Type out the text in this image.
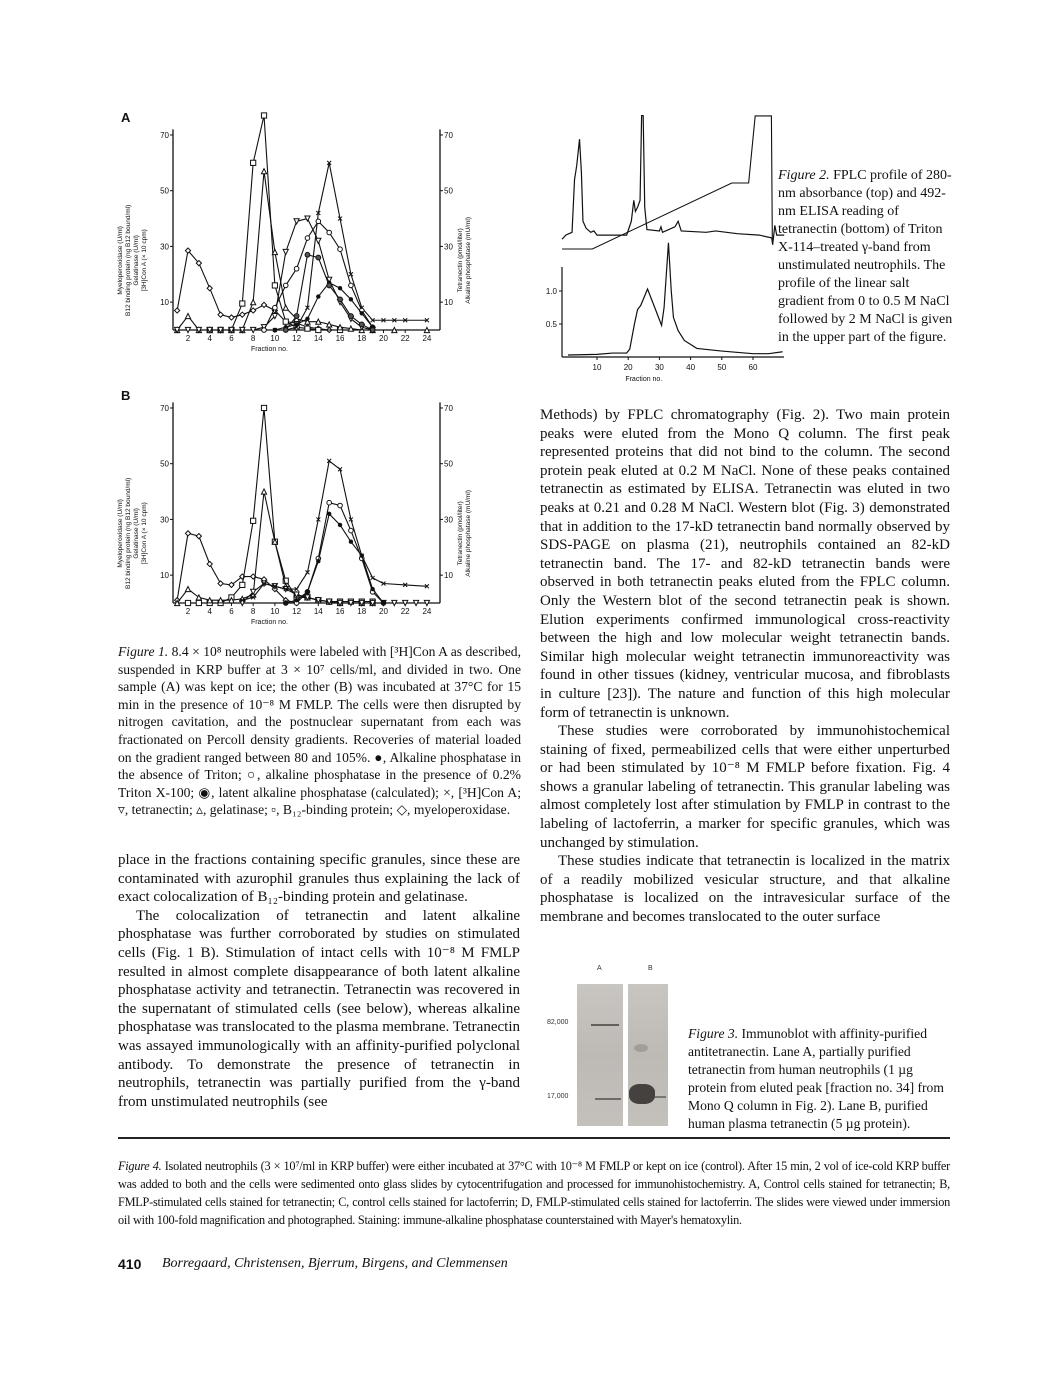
A
10	10
30	30
50	50
70	70
2 4 6 8 10 12 14 16 18 20 22 24
Fraction no.
Myeloperoxidase (U/ml) B12 binding protein (ng B12 bound/ml) Gelatinase (U/ml) [3H]Con A (× 10 cpm)	Tetranectin (pmol/liter) Alkaline phosphatase (mU/ml)
B
10	10
30	30
50	50
70	70
2 4 6 8 10 12 14 16 18 20 22 24
Fraction no.
Myeloperoxidase (U/ml) B12 binding protein (ng B12 bound/ml) Gelatinase (U/ml) [3H]Con A (× 10 cpm)	Tetranectin (pmol/liter) Alkaline phosphatase (mU/ml)
Figure 1. 8.4 × 10⁸ neutrophils were labeled with [³H]Con A as described, suspended in KRP buffer at 3 × 10⁷ cells/ml, and divided in two. One sample (A) was kept on ice; the other (B) was incubated at 37°C for 15 min in the presence of 10⁻⁸ M FMLP. The cells were then disrupted by nitrogen cavitation, and the postnuclear supernatant from each was fractionated on Percoll density gradients. Recoveries of material loaded on the gradient ranged between 80 and 105%. ●, Alkaline phosphatase in the absence of Triton; ○, alkaline phosphatase in the presence of 0.2% Triton X-100; ◉, latent alkaline phosphatase (calculated); ×, [³H]Con A; ▿, tetranectin; ▵, gelatinase; ▫, B₁₂-binding protein; ◇, myeloperoxidase.
0.5
1.0
10	20	30	40	50	60
Fraction no.
Figure 2. FPLC profile of 280-nm absorbance (top) and 492-nm ELISA reading of tetranectin (bottom) of Triton X-114–treated γ-band from unstimulated neutrophils. The profile of the linear salt gradient from 0 to 0.5 M NaCl followed by 2 M NaCl is given in the upper part of the figure.

Methods) by FPLC chromatography (Fig. 2). Two main protein peaks were eluted from the Mono Q column. The first peak represented proteins that did not bind to the column. The second protein peak eluted at 0.2 M NaCl. None of these peaks contained tetranectin as estimated by ELISA. Tetranectin was eluted in two peaks at 0.21 and 0.28 M NaCl. Western blot (Fig. 3) demonstrated that in addition to the 17-kD tetranectin band normally observed by SDS-PAGE on plasma (21), neutrophils contained an 82-kD tetranectin band. The 17- and 82-kD tetranectin bands were observed in both tetranectin peaks eluted from the FPLC column. Only the Western blot of the second tetranectin peak is shown. Elution experiments confirmed immunological cross-reactivity between the high and low molecular weight tetranectin bands. Similar high molecular weight tetranectin immunoreactivity was found in other tissues (kidney, ventricular mucosa, and fibroblasts in culture [23]). The nature and function of this high molecular form of tetranectin is unknown.

These studies were corroborated by immunohistochemical staining of fixed, permeabilized cells that were either unperturbed or had been stimulated by 10⁻⁸ M FMLP before fixation. Fig. 4 shows a granular labeling of tetranectin. This granular labeling was almost completely lost after stimulation by FMLP in contrast to the labeling of lactoferrin, a marker for specific granules, which was unchanged by stimulation.

These studies indicate that tetranectin is localized in the matrix of a readily mobilized vesicular structure, and that alkaline phosphatase is localized on the intravesicular surface of the membrane and becomes translocated to the outer surface

place in the fractions containing specific granules, since these are contaminated with azurophil granules thus explaining the lack of exact colocalization of B₁₂-binding protein and gelatinase.

The colocalization of tetranectin and latent alkaline phosphatase was further corroborated by studies on stimulated cells (Fig. 1 B). Stimulation of intact cells with 10⁻⁸ M FMLP resulted in almost complete disappearance of both latent alkaline phosphatase activity and tetranectin. Tetranectin was recovered in the supernatant of stimulated cells (see below), whereas alkaline phosphatase was translocated to the plasma membrane. Tetranectin was assayed immunologically with an affinity-purified polyclonal antibody. To demonstrate the presence of tetranectin in neutrophils, tetranectin was partially purified from the γ-band from unstimulated neutrophils (see

A	B
82,000
17,000
Figure 3. Immunoblot with affinity-purified antitetranectin. Lane A, partially purified tetranectin from human neutrophils (1 µg protein from eluted peak [fraction no. 34] from Mono Q column in Fig. 2). Lane B, purified human plasma tetranectin (5 µg protein).
Figure 4. Isolated neutrophils (3 × 10⁷/ml in KRP buffer) were either incubated at 37°C with 10⁻⁸ M FMLP or kept on ice (control). After 15 min, 2 vol of ice-cold KRP buffer was added to both and the cells were sedimented onto glass slides by cytocentrifugation and processed for immunohistochemistry. A, Control cells stained for tetranectin; B, FMLP-stimulated cells stained for tetranectin; C, control cells stained for lactoferrin; D, FMLP-stimulated cells stained for lactoferrin. The slides were viewed under immersion oil with 100-fold magnification and photographed. Staining: immune-alkaline phosphatase counterstained with Mayer's hematoxylin.
410 Borregaard, Christensen, Bjerrum, Birgens, and Clemmensen
